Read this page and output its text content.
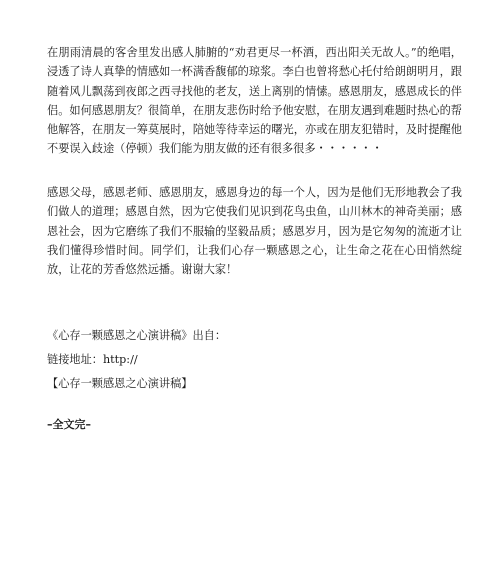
在朋雨清晨的客舍里发出感人肺腑的“劝君更尽一杯酒，西出阳关无故人。”的绝唱，浸透了诗人真挚的情感如一杯满香馥郁的琼浆。李白也曾将愁心托付给朗朗明月，跟随着风儿飘荡到夜郎之西寻找他的老友，送上离别的情愫。感恩朋友，感恩成长的伴侣。如何感恩朋友？很简单，在朋友悲伤时给予他安慰，在朋友遇到难题时热心的帮他解答，在朋友一筹莫展时，陪她等待幸运的曙光，亦或在朋友犯错时，及时提醒他不要误入歧途（停顿）我们能为朋友做的还有很多很多・・・・・・

感恩父母，感恩老师、感恩朋友，感恩身边的每一个人，因为是他们无形地教会了我们做人的道理；感恩自然，因为它使我们见识到花鸟虫鱼，山川林木的神奇美丽；感恩社会，因为它磨练了我们不服输的坚毅品质；感恩岁月，因为是它匆匆的流逝才让我们懂得珍惜时间。同学们，让我们心存一颗感恩之心，让生命之花在心田悄然绽放，让花的芳香悠然远播。谢谢大家！

《心存一颗感恩之心演讲稿》出自：
链接地址：http://
【心存一颗感恩之心演讲稿】
–全文完–
